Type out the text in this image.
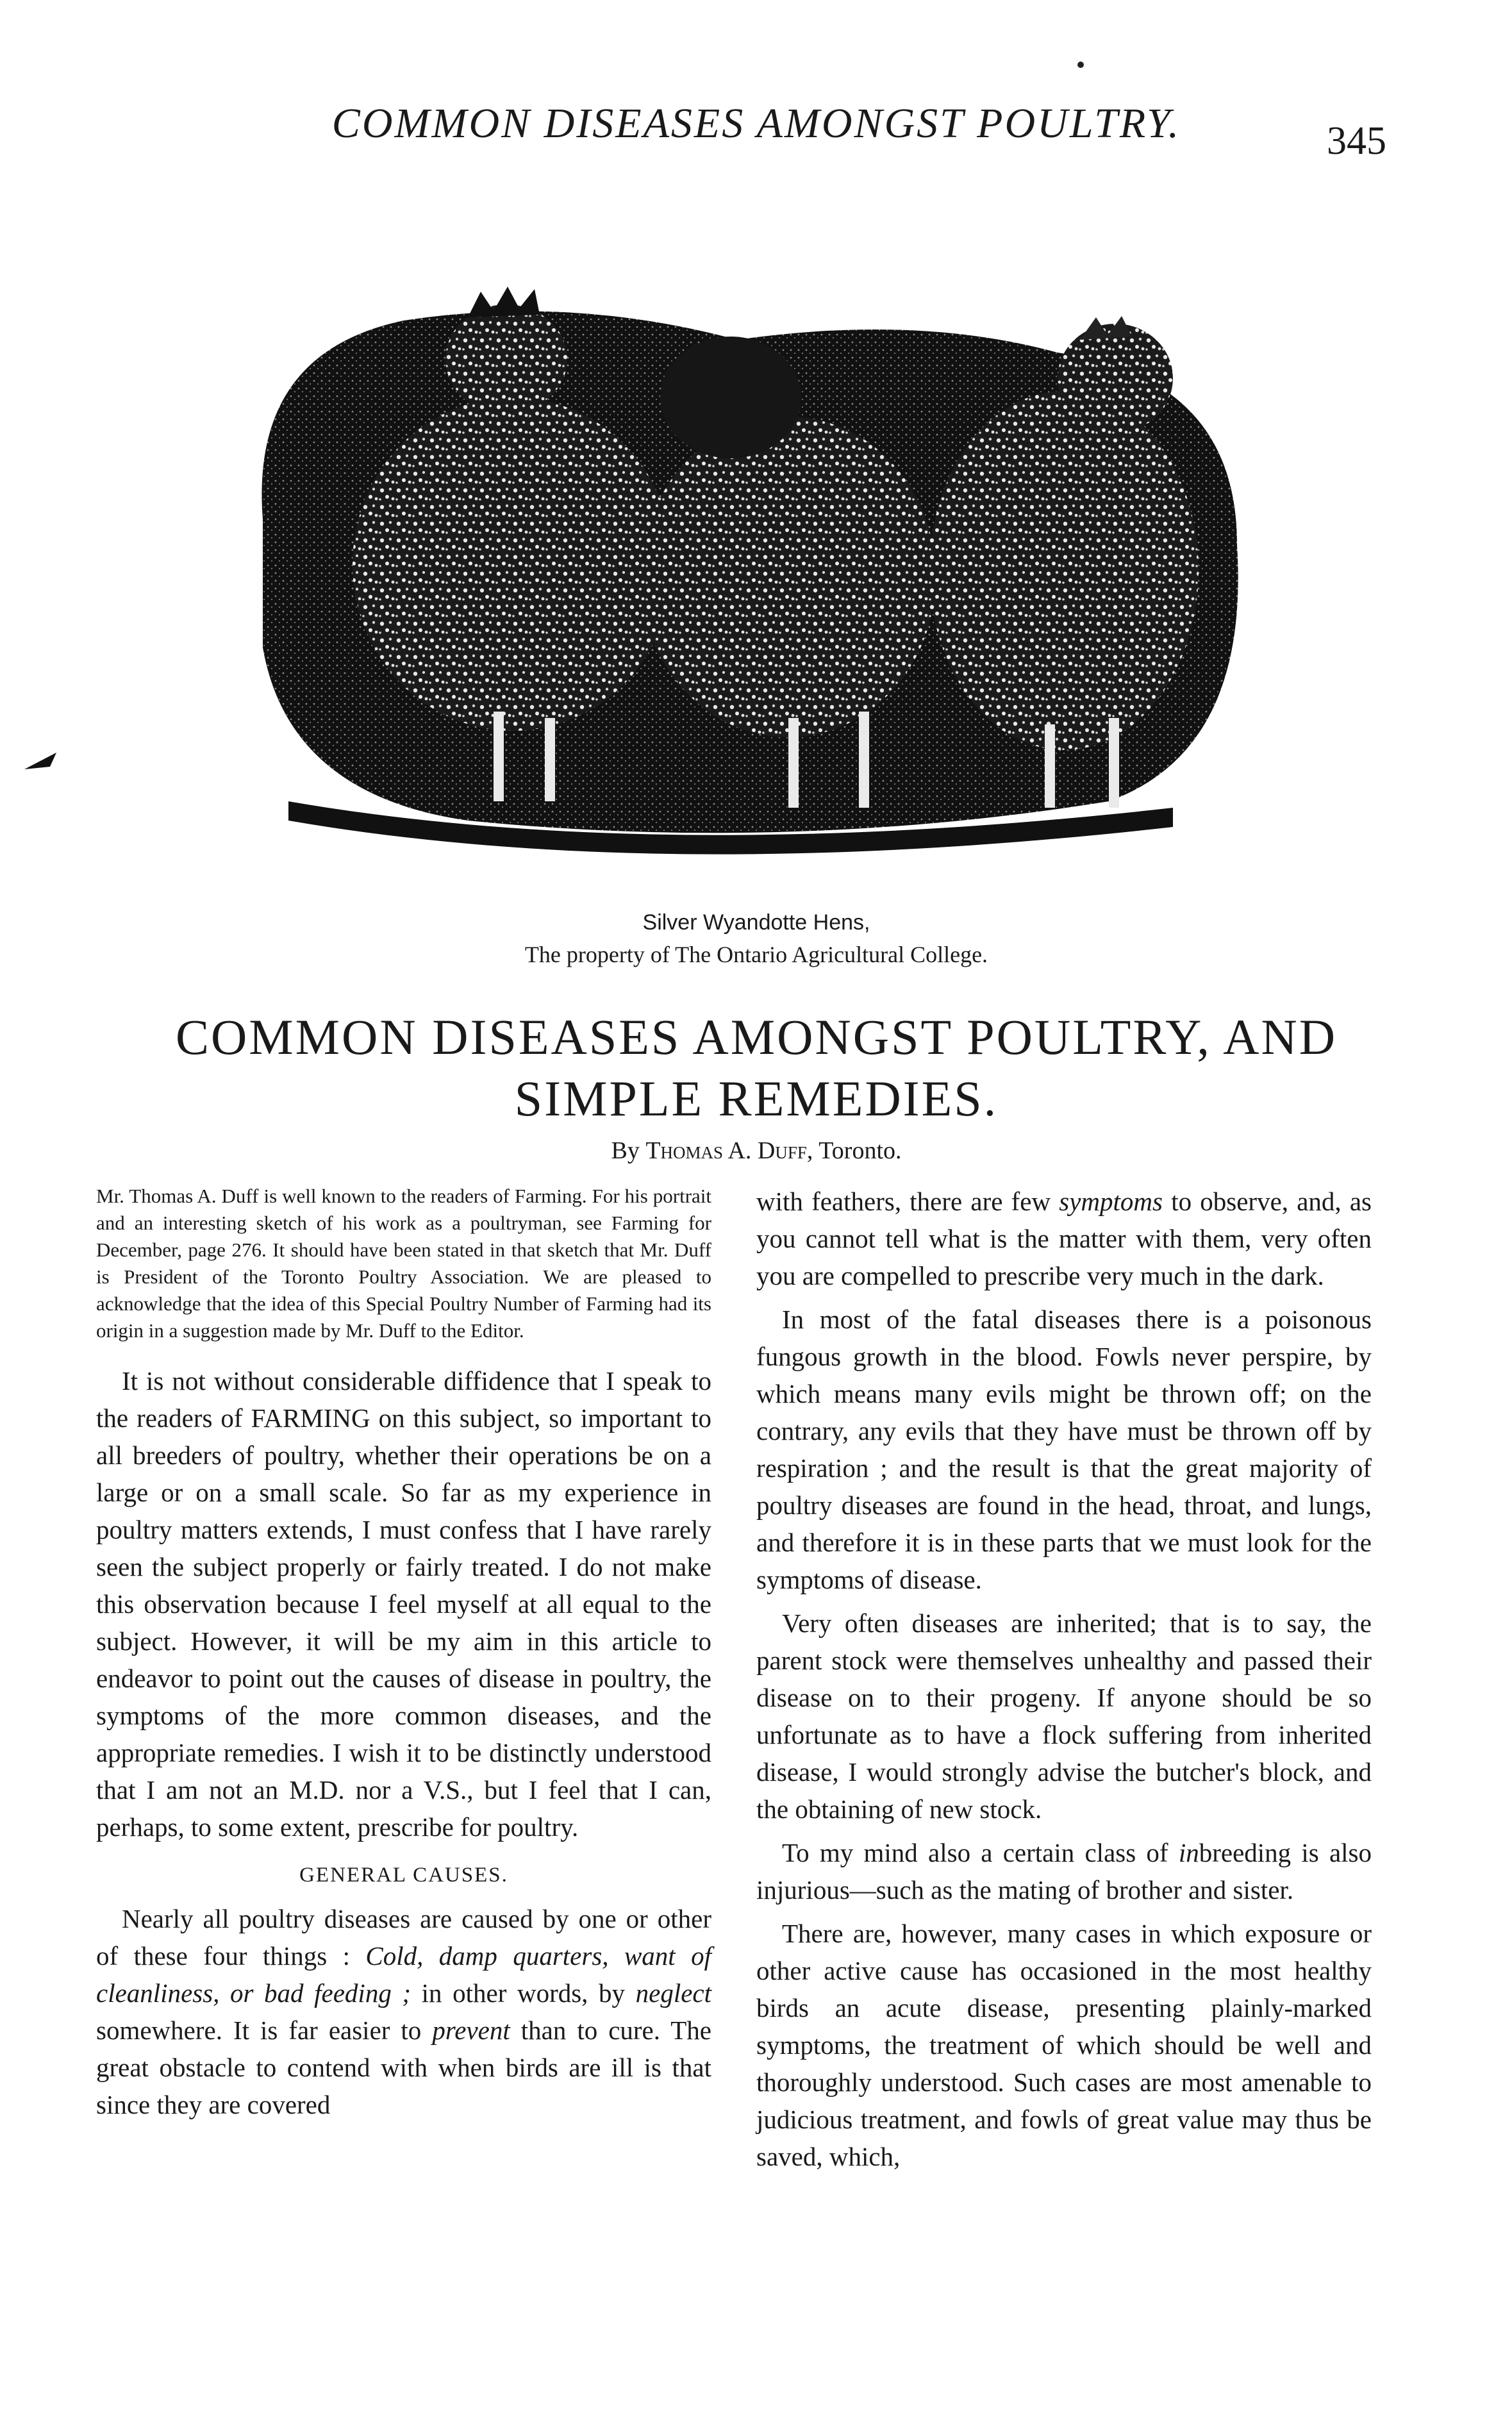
COMMON DISEASES AMONGST POULTRY.	345
Silver Wyandotte Hens,
The property of The Ontario Agricultural College.
COMMON DISEASES AMONGST POULTRY, AND
SIMPLE REMEDIES.
By Thomas A. Duff, Toronto.

Mr. Thomas A. Duff is well known to the readers of Farming. For his portrait and an interesting sketch of his work as a poultryman, see Farming for December, page 276. It should have been stated in that sketch that Mr. Duff is President of the Toronto Poultry Association. We are pleased to acknowledge that the idea of this Special Poultry Number of Farming had its origin in a suggestion made by Mr. Duff to the Editor.

It is not without considerable diffidence that I speak to the readers of FARMING on this subject, so important to all breeders of poultry, whether their operations be on a large or on a small scale. So far as my experience in poultry matters extends, I must confess that I have rarely seen the subject properly or fairly treated. I do not make this observation because I feel myself at all equal to the subject. However, it will be my aim in this article to endeavor to point out the causes of disease in poultry, the symptoms of the more common diseases, and the appropriate remedies. I wish it to be distinctly understood that I am not an M.D. nor a V.S., but I feel that I can, perhaps, to some extent, prescribe for poultry.

GENERAL CAUSES.

Nearly all poultry diseases are caused by one or other of these four things : Cold, damp quarters, want of cleanliness, or bad feeding ; in other words, by neglect somewhere. It is far easier to prevent than to cure. The great obstacle to contend with when birds are ill is that since they are covered

with feathers, there are few symptoms to observe, and, as you cannot tell what is the matter with them, very often you are compelled to prescribe very much in the dark.

In most of the fatal diseases there is a poisonous fungous growth in the blood. Fowls never perspire, by which means many evils might be thrown off; on the contrary, any evils that they have must be thrown off by respiration ; and the result is that the great majority of poultry diseases are found in the head, throat, and lungs, and therefore it is in these parts that we must look for the symptoms of disease.

Very often diseases are inherited; that is to say, the parent stock were themselves unhealthy and passed their disease on to their progeny. If anyone should be so unfortunate as to have a flock suffering from inherited disease, I would strongly advise the butcher's block, and the obtaining of new stock.

To my mind also a certain class of inbreeding is also injurious—such as the mating of brother and sister.

There are, however, many cases in which exposure or other active cause has occasioned in the most healthy birds an acute disease, presenting plainly-marked symptoms, the treatment of which should be well and thoroughly understood. Such cases are most amenable to judicious treatment, and fowls of great value may thus be saved, which,
